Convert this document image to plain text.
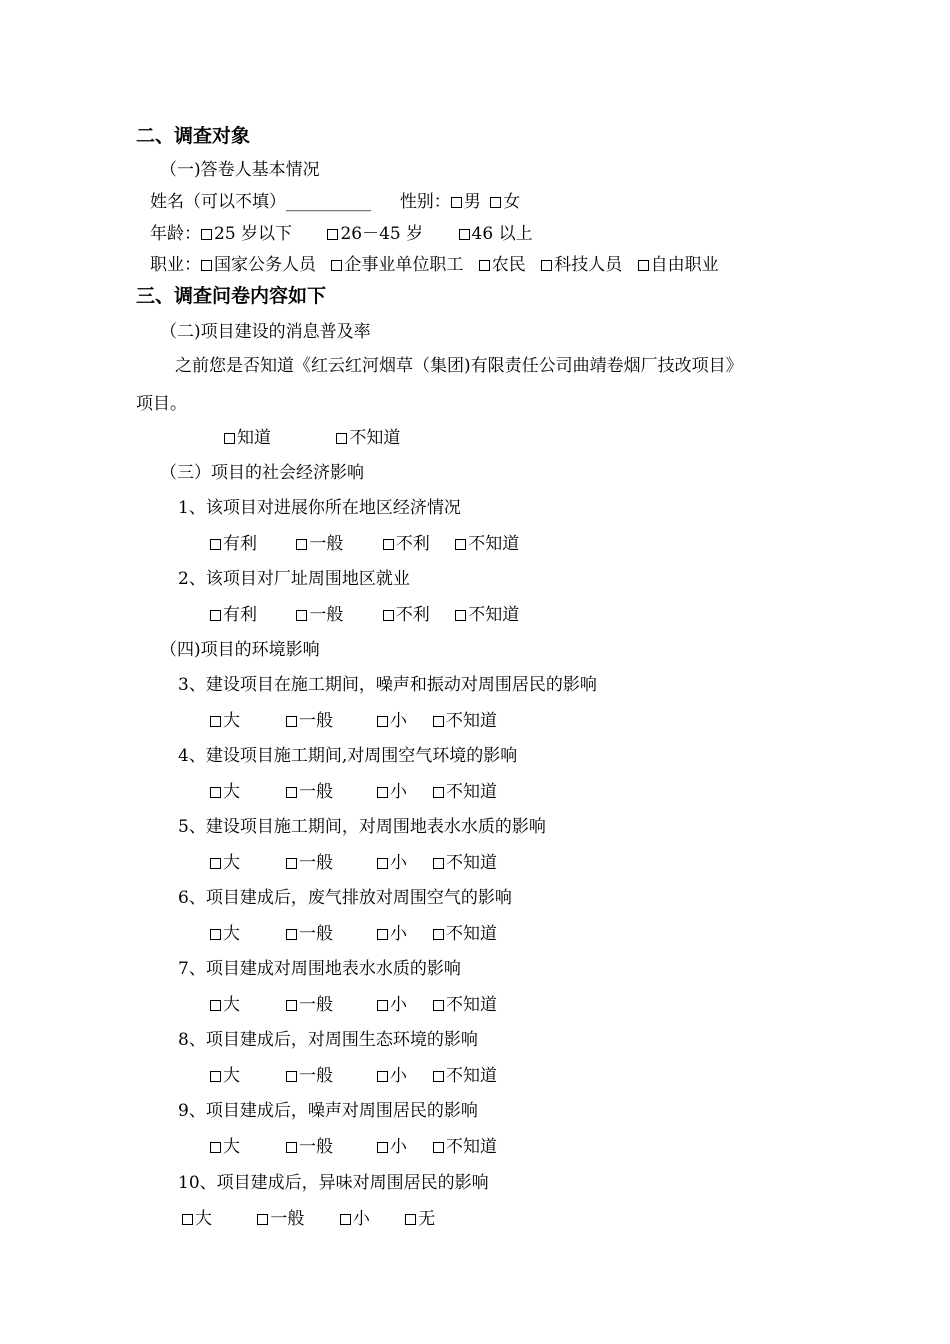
二、调查对象
（一)答卷人基本情况
姓名（可以不填）__________ 性别： 男 女
年龄： 25 岁以下	26－45 岁	46 以上
职业： 国家公务人员 企事业单位职工 农民 科技人员 自由职业
三、调查问卷内容如下
（二)项目建设的消息普及率
之前您是否知道《红云红河烟草（集团)有限责任公司曲靖卷烟厂技改项目》
项目。
知道	不知道
（三）项目的社会经济影响
1、该项目对进展你所在地区经济情况
有利	一般	不利 不知道
2、该项目对厂址周围地区就业
有利	一般	不利 不知道
（四)项目的环境影响
3、建设项目在施工期间，噪声和振动对周围居民的影响
大	一般	小 不知道
4、建设项目施工期间,对周围空气环境的影响
大	一般	小 不知道
5、建设项目施工期间，对周围地表水水质的影响
大	一般	小 不知道
6、项目建成后，废气排放对周围空气的影响
大	一般	小 不知道
7、项目建成对周围地表水水质的影响
大	一般	小 不知道
8、项目建成后，对周围生态环境的影响
大	一般	小 不知道
9、项目建成后，噪声对周围居民的影响
大	一般	小 不知道
10、项目建成后，异味对周围居民的影响
大	一般	小	无
